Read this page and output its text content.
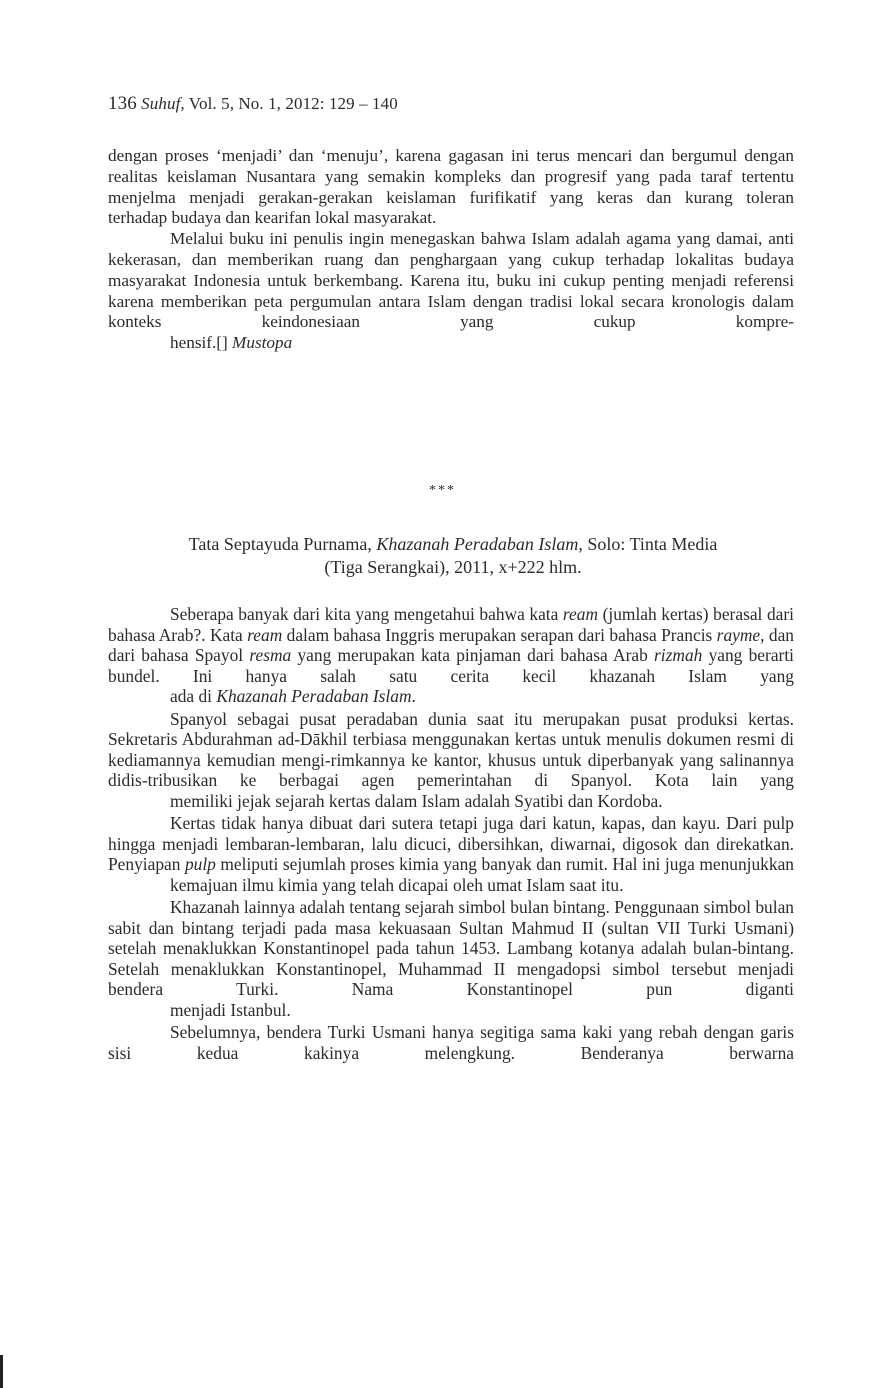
136 Suhuf, Vol. 5, No. 1, 2012: 129 – 140

dengan proses ‘menjadi’ dan ‘menuju’, karena gagasan ini terus mencari dan bergumul dengan realitas keislaman Nusantara yang semakin kompleks dan progresif yang pada taraf tertentu menjelma menjadi gerakan-gerakan keislaman furifikatif yang keras dan kurang toleran
terhadap budaya dan kearifan lokal masyarakat.

Melalui buku ini penulis ingin menegaskan bahwa Islam adalah agama yang damai, anti kekerasan, dan memberikan ruang dan penghargaan yang cukup terhadap lokalitas budaya masyarakat Indonesia untuk berkembang. Karena itu, buku ini cukup penting menjadi referensi karena memberikan peta pergumulan antara Islam dengan tradisi lokal secara kronologis dalam konteks keindonesiaan yang cukup kompre-
hensif.[] Mustopa

***
Tata Septayuda Purnama, Khazanah Peradaban Islam, Solo: Tinta Media
(Tiga Serangkai), 2011, x+222 hlm.

Seberapa banyak dari kita yang mengetahui bahwa kata ream (jumlah kertas) berasal dari bahasa Arab?. Kata ream dalam bahasa Inggris merupakan serapan dari bahasa Prancis rayme, dan dari bahasa Spayol resma yang merupakan kata pinjaman dari bahasa Arab rizmah yang berarti bundel. Ini hanya salah satu cerita kecil khazanah Islam yang
ada di Khazanah Peradaban Islam.

Spanyol sebagai pusat peradaban dunia saat itu merupakan pusat produksi kertas. Sekretaris Abdurahman ad-Dākhil terbiasa menggunakan kertas untuk menulis dokumen resmi di kediamannya kemudian mengi-rimkannya ke kantor, khusus untuk diperbanyak yang salinannya didis-tribusikan ke berbagai agen pemerintahan di Spanyol. Kota lain yang
memiliki jejak sejarah kertas dalam Islam adalah Syatibi dan Kordoba.

Kertas tidak hanya dibuat dari sutera tetapi juga dari katun, kapas, dan kayu. Dari pulp hingga menjadi lembaran-lembaran, lalu dicuci, dibersihkan, diwarnai, digosok dan direkatkan. Penyiapan pulp meliputi sejumlah proses kimia yang banyak dan rumit. Hal ini juga menunjukkan
kemajuan ilmu kimia yang telah dicapai oleh umat Islam saat itu.

Khazanah lainnya adalah tentang sejarah simbol bulan bintang. Penggunaan simbol bulan sabit dan bintang terjadi pada masa kekuasaan Sultan Mahmud II (sultan VII Turki Usmani) setelah menaklukkan Konstantinopel pada tahun 1453. Lambang kotanya adalah bulan-bintang. Setelah menaklukkan Konstantinopel, Muhammad II mengadopsi simbol tersebut menjadi bendera Turki. Nama Konstantinopel pun diganti
menjadi Istanbul.

Sebelumnya, bendera Turki Usmani hanya segitiga sama kaki yang rebah dengan garis sisi kedua kakinya melengkung. Benderanya berwarna
